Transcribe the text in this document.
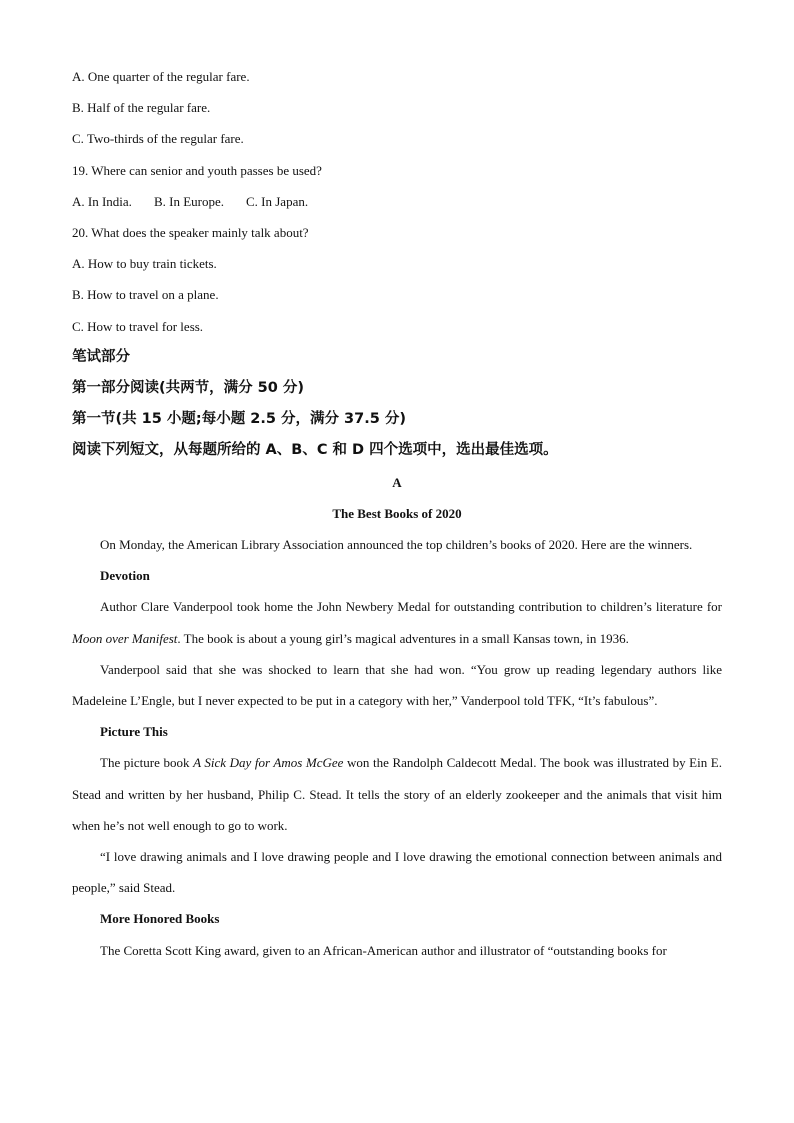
A. One quarter of the regular fare.
B. Half of the regular fare.
C. Two-thirds of the regular fare.
19. Where can senior and youth passes be used?
A. In India. B. In Europe. C. In Japan.
20. What does the speaker mainly talk about?
A. How to buy train tickets.
B. How to travel on a plane.
C. How to travel for less.
笔试部分
第一部分阅读(共两节，满分 50 分)
第一节(共 15 小题;每小题 2.5 分，满分 37.5 分)
阅读下列短文，从每题所给的 A、B、C 和 D 四个选项中，选出最佳选项。
A
The Best Books of 2020

On Monday, the American Library Association announced the top children’s books of 2020. Here are the winners.

Devotion

Author Clare Vanderpool took home the John Newbery Medal for outstanding contribution to children’s literature for Moon over Manifest. The book is about a young girl’s magical adventures in a small Kansas town, in 1936.

Vanderpool said that she was shocked to learn that she had won. “You grow up reading legendary authors like Madeleine L’Engle, but I never expected to be put in a category with her,” Vanderpool told TFK, “It’s fabulous”.

Picture This

The picture book A Sick Day for Amos McGee won the Randolph Caldecott Medal. The book was illustrated by Ein E. Stead and written by her husband, Philip C. Stead. It tells the story of an elderly zookeeper and the animals that visit him when he’s not well enough to go to work.

“I love drawing animals and I love drawing people and I love drawing the emotional connection between animals and people,” said Stead.

More Honored Books

The Coretta Scott King award, given to an African-American author and illustrator of “outstanding books for
